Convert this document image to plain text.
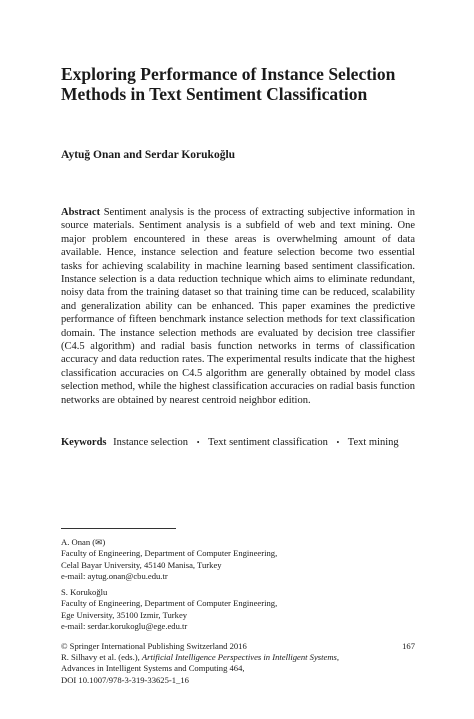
Exploring Performance of Instance Selection Methods in Text Sentiment Classification
Aytuğ Onan and Serdar Korukoğlu
Abstract Sentiment analysis is the process of extracting subjective information in source materials. Sentiment analysis is a subfield of web and text mining. One major problem encountered in these areas is overwhelming amount of data available. Hence, instance selection and feature selection become two essential tasks for achieving scalability in machine learning based sentiment classification. Instance selection is a data reduction technique which aims to eliminate redundant, noisy data from the training dataset so that training time can be reduced, scalability and generalization ability can be enhanced. This paper examines the predictive performance of fifteen benchmark instance selection methods for text classification domain. The instance selection methods are evaluated by decision tree classifier (C4.5 algorithm) and radial basis function networks in terms of classification accuracy and data reduction rates. The experimental results indicate that the highest classification accuracies on C4.5 algorithm are generally obtained by model class selection method, while the highest classification accuracies on radial basis function networks are obtained by nearest centroid neighbor edition.
Keywords Instance selection • Text sentiment classification • Text mining
A. Onan (✉)
Faculty of Engineering, Department of Computer Engineering,
Celal Bayar University, 45140 Manisa, Turkey
e-mail: aytug.onan@cbu.edu.tr
S. Korukoğlu
Faculty of Engineering, Department of Computer Engineering,
Ege University, 35100 Izmir, Turkey
e-mail: serdar.korukoglu@ege.edu.tr
© Springer International Publishing Switzerland 2016
R. Silhavy et al. (eds.), Artificial Intelligence Perspectives in Intelligent Systems,
Advances in Intelligent Systems and Computing 464,
DOI 10.1007/978-3-319-33625-1_16
167
